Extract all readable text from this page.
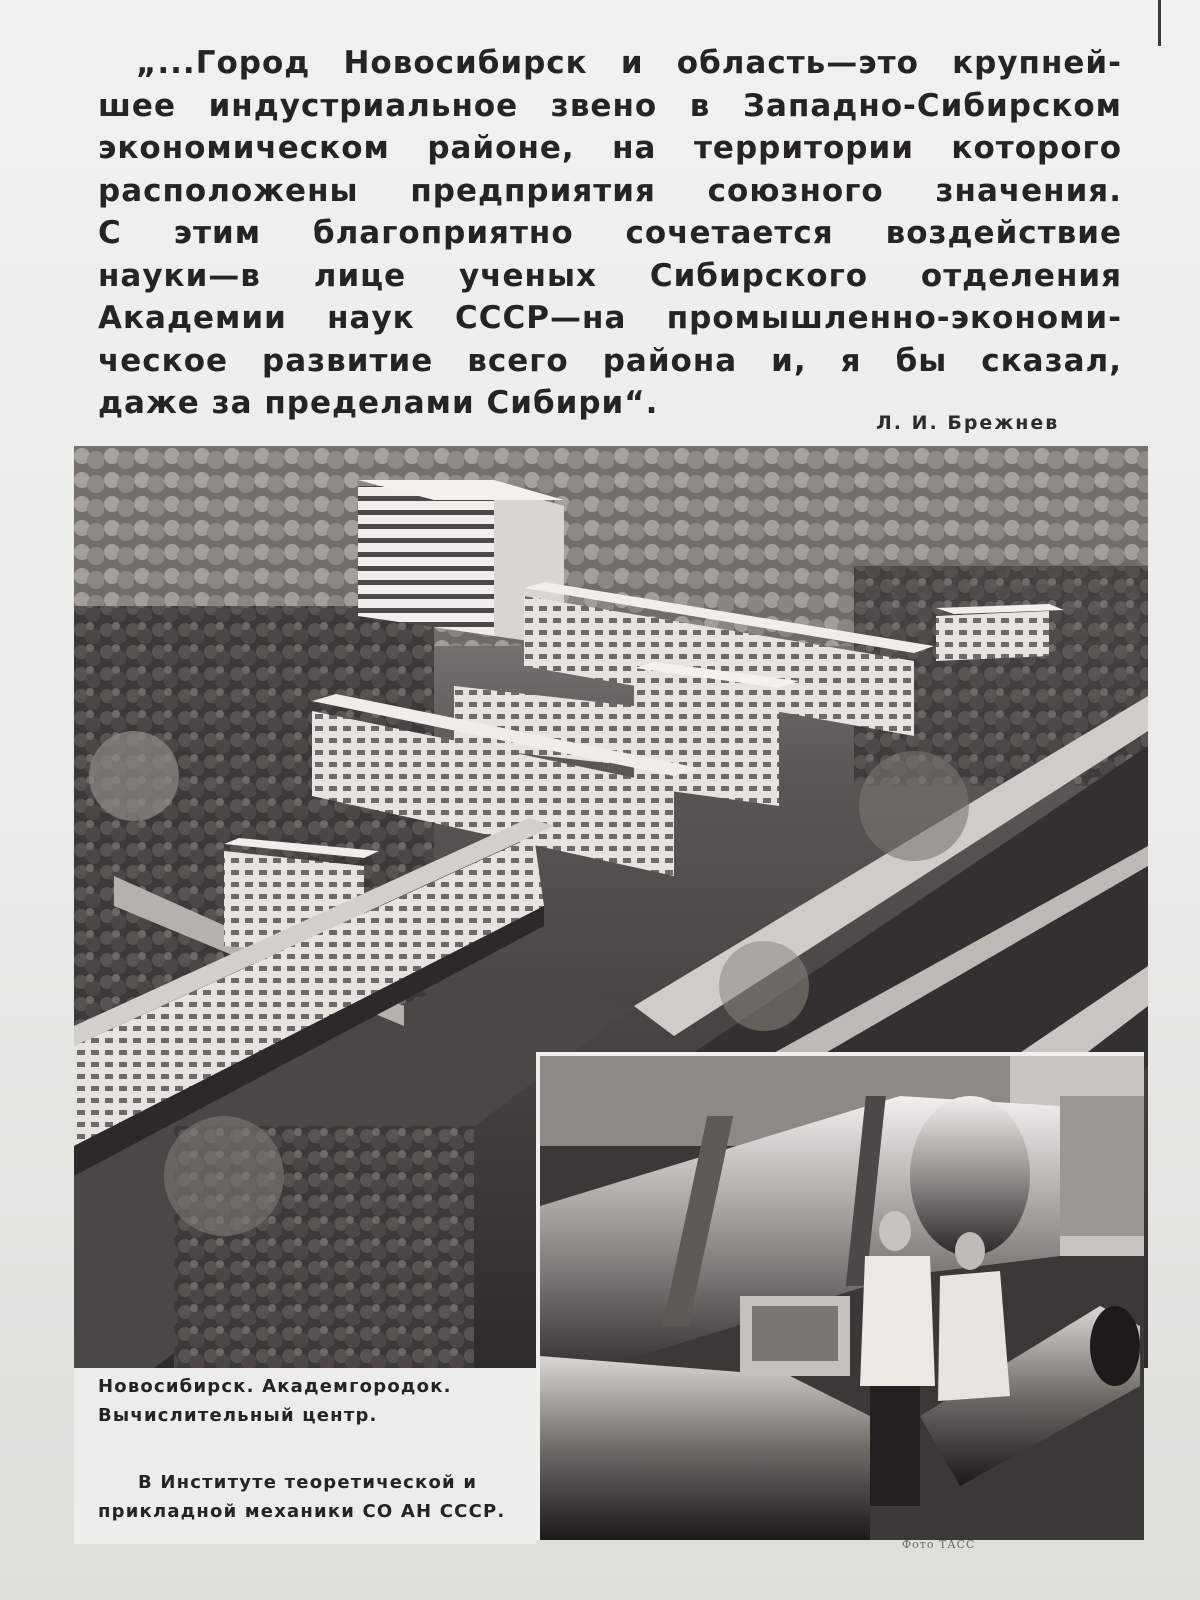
„...Город Новосибирск и область—это крупней-
шее индустриальное звено в Западно-Сибирском
экономическом районе, на территории которого
расположены предприятия союзного значения.
С этим благоприятно сочетается воздействие
науки—в лице ученых Сибирского отделения
Академии наук СССР—на промышленно-экономи-
ческое развитие всего района и, я бы сказал,
даже за пределами Сибири“.
Л. И. Брежнев
Новосибирск. Академгородок.
Вычислительный центр.
В Институте теоретической и
прикладной механики СО АН СССР.
Фото ТАСС
